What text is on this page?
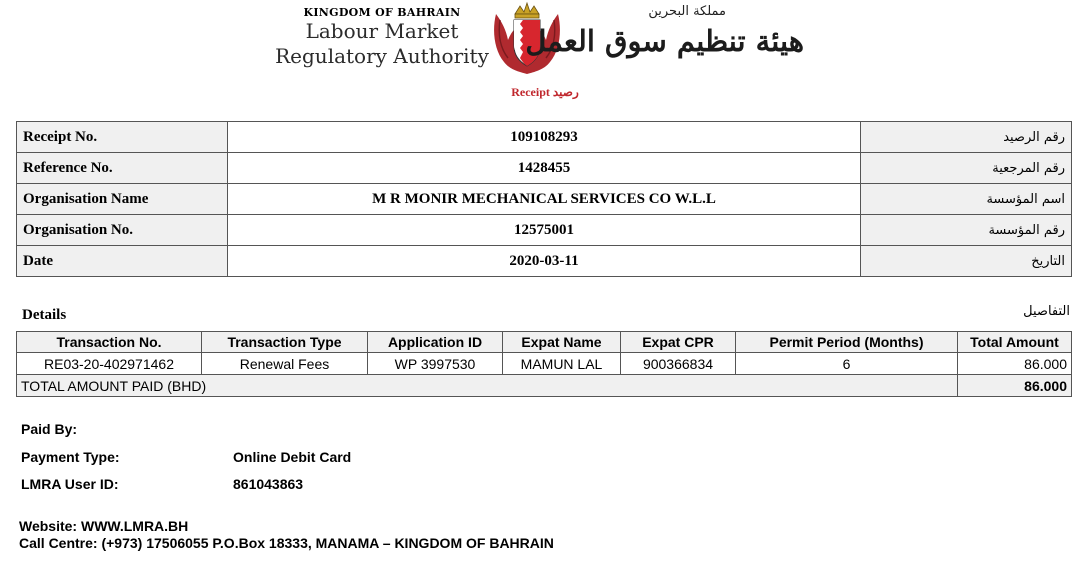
KINGDOM OF BAHRAIN
Labour Market
Regulatory Authority
مملكة البحرين
هيئة تنظيم سوق العمل
Receipt رصيد
Receipt No.	109108293	رقم الرصيد
Reference No.	1428455	رقم المرجعية
Organisation Name	M R MONIR MECHANICAL SERVICES CO W.L.L	اسم المؤسسة
Organisation No.	12575001	رقم المؤسسة
Date	2020-03-11	التاريخ
Details	التفاصيل
Transaction No.	Transaction Type	Application ID	Expat Name	Expat CPR	Permit Period (Months)	Total Amount
RE03-20-402971462	Renewal Fees	WP 3997530	MAMUN LAL	900366834	6	86.000
TOTAL AMOUNT PAID (BHD)						86.000
Paid By:
Payment Type:	Online Debit Card
LMRA User ID:	861043863
Website: WWW.LMRA.BH
Call Centre: (+973) 17506055 P.O.Box 18333, MANAMA – KINGDOM OF BAHRAIN
